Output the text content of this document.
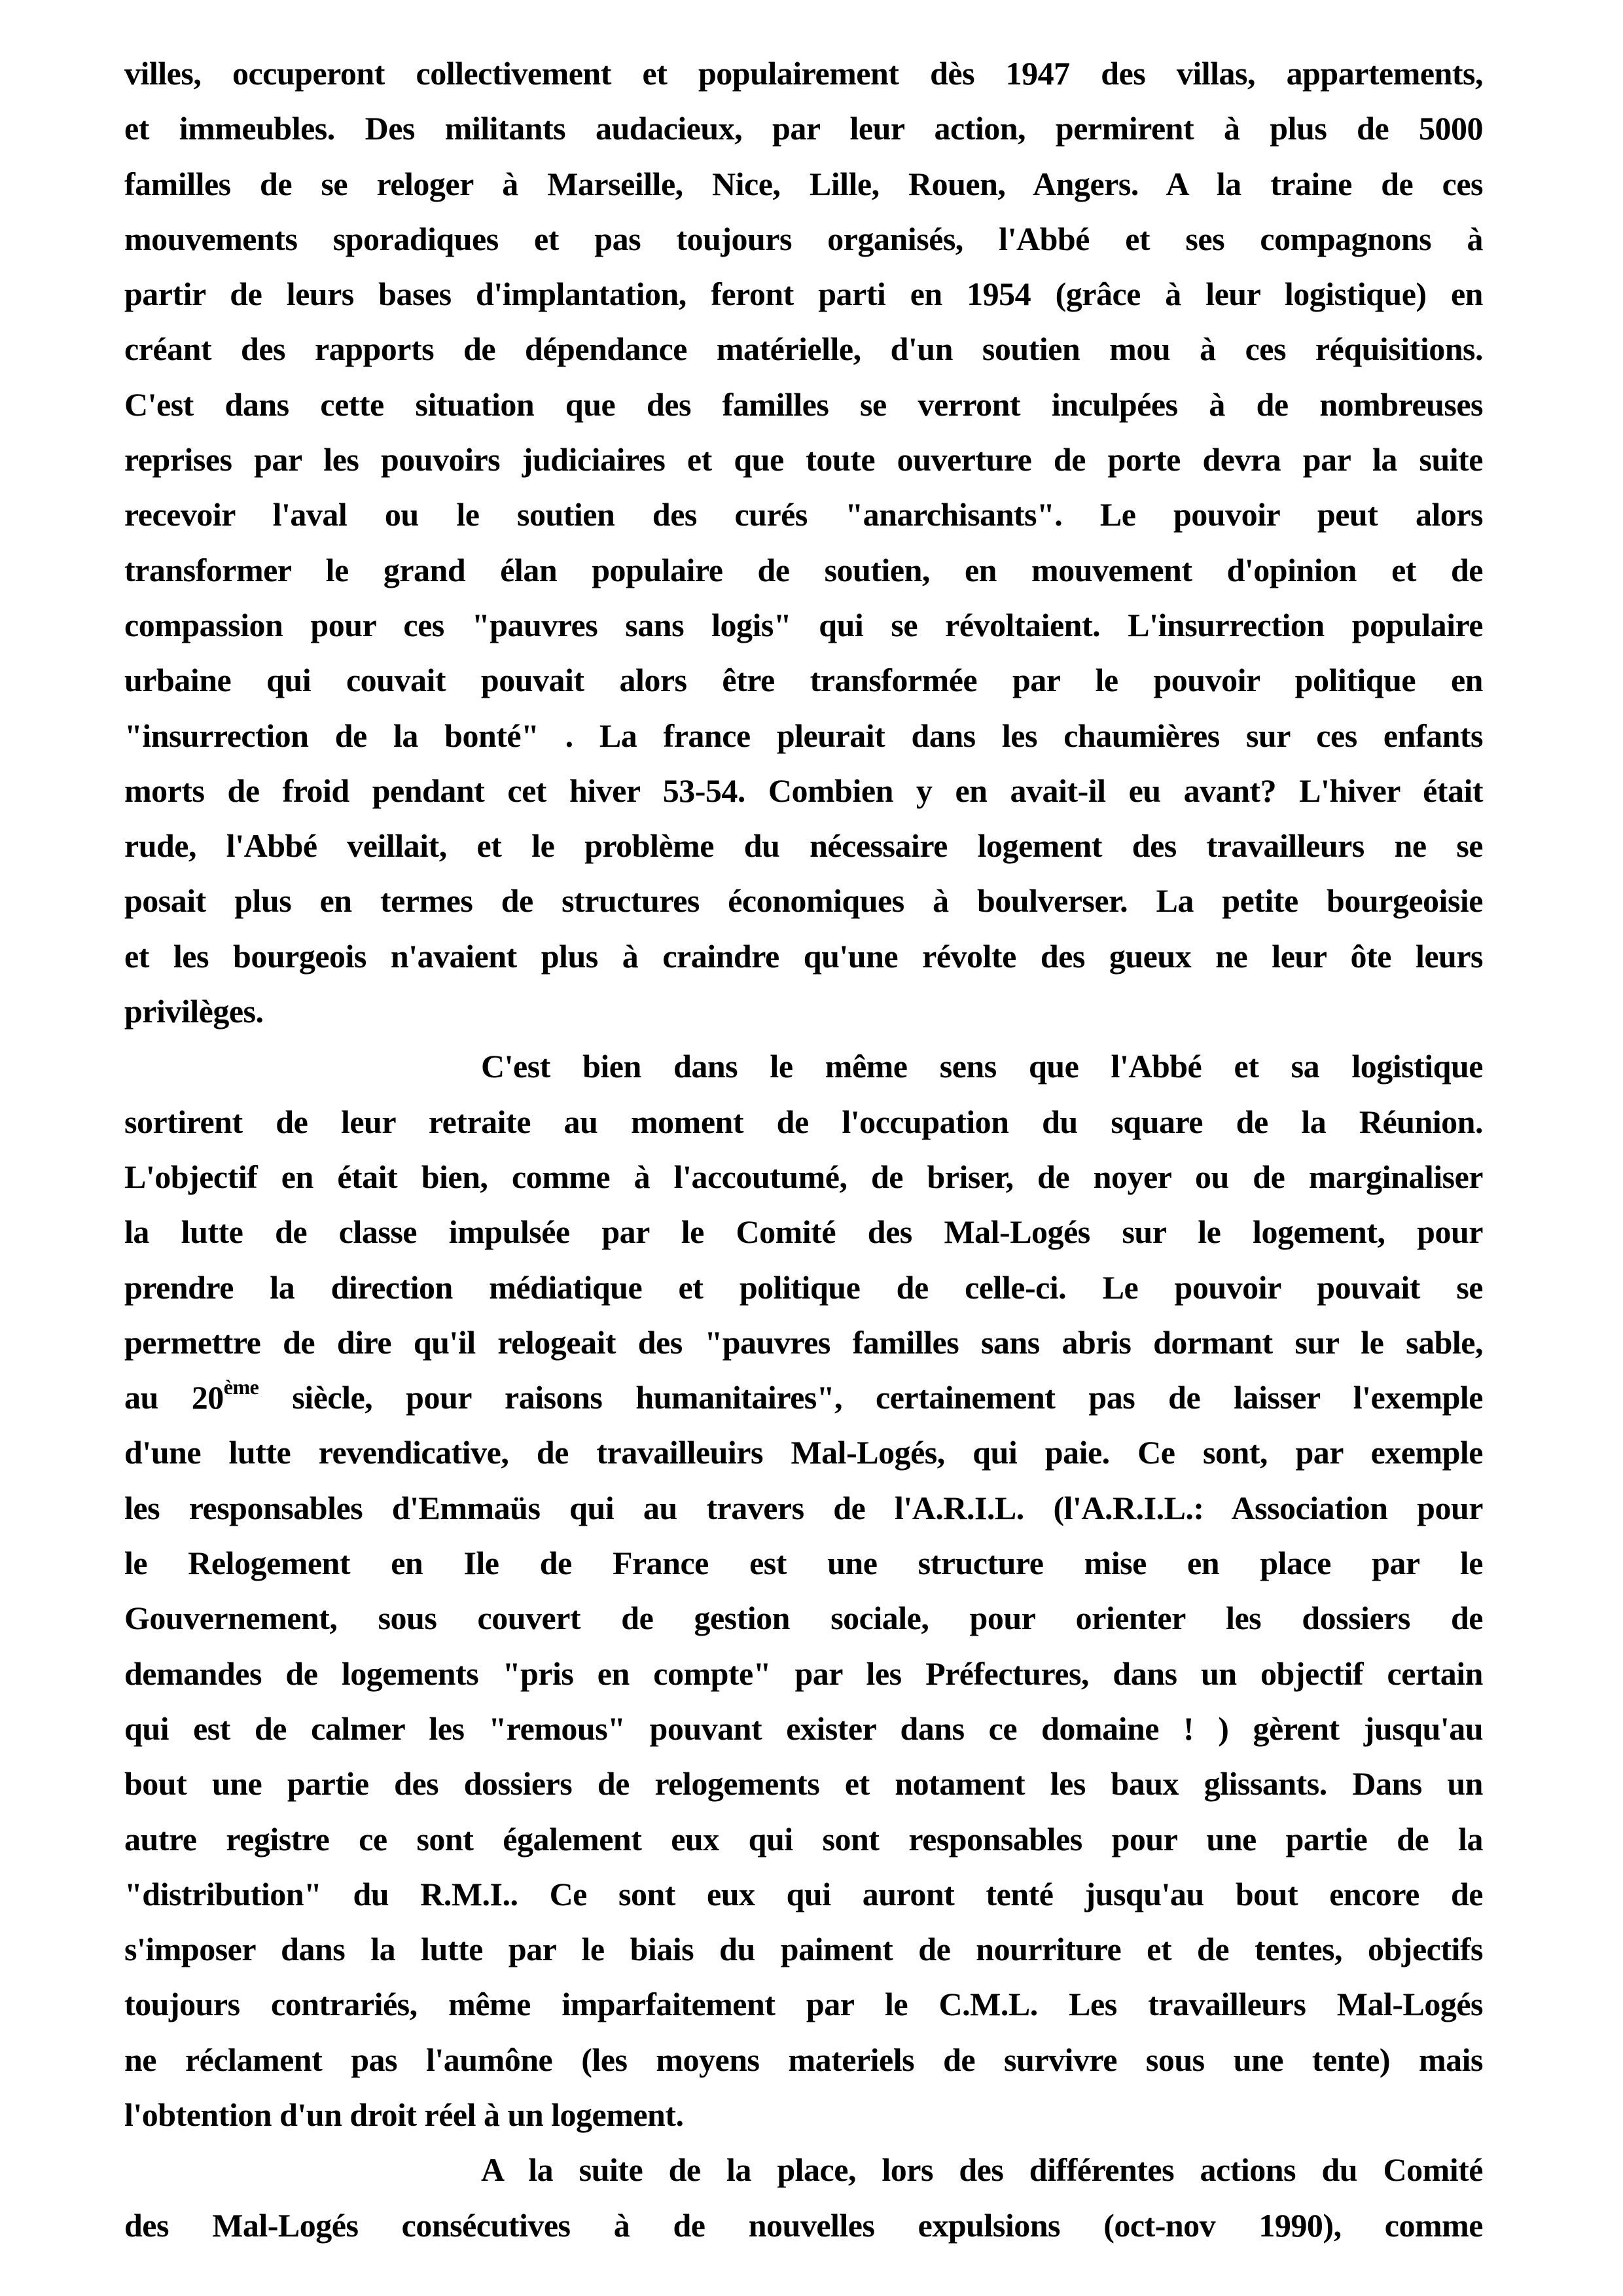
villes, occuperont collectivement et populairement dès 1947 des villas, appartements,
et immeubles. Des militants audacieux, par leur action, permirent à plus de 5000
familles de se reloger à Marseille, Nice, Lille, Rouen, Angers. A la traine de ces
mouvements sporadiques et pas toujours organisés, l'Abbé et ses compagnons à
partir de leurs bases d'implantation, feront parti en 1954 (grâce à leur logistique) en
créant des rapports de dépendance matérielle, d'un soutien mou à ces réquisitions.
C'est dans cette situation que des familles se verront inculpées à de nombreuses
reprises par les pouvoirs judiciaires et que toute ouverture de porte devra par la suite
recevoir l'aval ou le soutien des curés "anarchisants". Le pouvoir peut alors
transformer le grand élan populaire de soutien, en mouvement d'opinion et de
compassion pour ces "pauvres sans logis" qui se révoltaient. L'insurrection populaire
urbaine qui couvait pouvait alors être transformée par le pouvoir politique en
"insurrection de la bonté" . La france pleurait dans les chaumières sur ces enfants
morts de froid pendant cet hiver 53-54. Combien y en avait-il eu avant? L'hiver était
rude, l'Abbé veillait, et le problème du nécessaire logement des travailleurs ne se
posait plus en termes de structures économiques à boulverser. La petite bourgeoisie
et les bourgeois n'avaient plus à craindre qu'une révolte des gueux ne leur ôte leurs
privilèges.
C'est bien dans le même sens que l'Abbé et sa logistique
sortirent de leur retraite au moment de l'occupation du square de la Réunion.
L'objectif en était bien, comme à l'accoutumé, de briser, de noyer ou de marginaliser
la lutte de classe impulsée par le Comité des Mal-Logés sur le logement, pour
prendre la direction médiatique et politique de celle-ci. Le pouvoir pouvait se
permettre de dire qu'il relogeait des "pauvres familles sans abris dormant sur le sable,
au 20ème siècle, pour raisons humanitaires", certainement pas de laisser l'exemple
d'une lutte revendicative, de travailleuirs Mal-Logés, qui paie. Ce sont, par exemple
les responsables d'Emmaüs qui au travers de l'A.R.I.L. (l'A.R.I.L.: Association pour
le Relogement en Ile de France est une structure mise en place par le
Gouvernement, sous couvert de gestion sociale, pour orienter les dossiers de
demandes de logements "pris en compte" par les Préfectures, dans un objectif certain
qui est de calmer les "remous" pouvant exister dans ce domaine ! ) gèrent jusqu'au
bout une partie des dossiers de relogements et notament les baux glissants. Dans un
autre registre ce sont également eux qui sont responsables pour une partie de la
"distribution" du R.M.I.. Ce sont eux qui auront tenté jusqu'au bout encore de
s'imposer dans la lutte par le biais du paiment de nourriture et de tentes, objectifs
toujours contrariés, même imparfaitement par le C.M.L. Les travailleurs Mal-Logés
ne réclament pas l'aumône (les moyens materiels de survivre sous une tente) mais
l'obtention d'un droit réel à un logement.
A la suite de la place, lors des différentes actions du Comité
des Mal-Logés consécutives à de nouvelles expulsions (oct-nov 1990), comme
